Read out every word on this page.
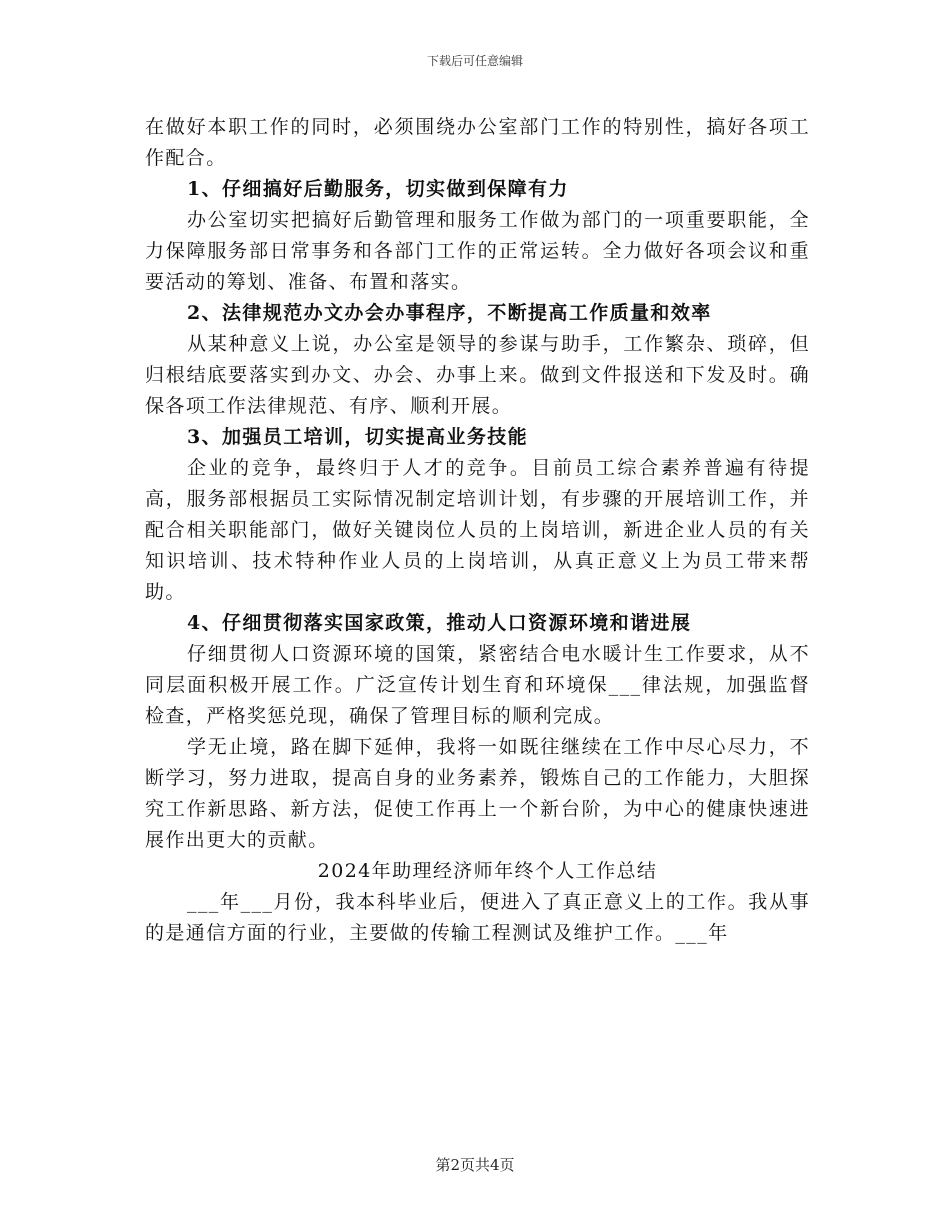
下载后可任意编辑

在做好本职工作的同时，必须围绕办公室部门工作的特别性，搞好各项工作配合。

1、仔细搞好后勤服务，切实做到保障有力

办公室切实把搞好后勤管理和服务工作做为部门的一项重要职能，全力保障服务部日常事务和各部门工作的正常运转。全力做好各项会议和重要活动的筹划、准备、布置和落实。

2、法律规范办文办会办事程序，不断提高工作质量和效率

从某种意义上说，办公室是领导的参谋与助手，工作繁杂、琐碎，但归根结底要落实到办文、办会、办事上来。做到文件报送和下发及时。确保各项工作法律规范、有序、顺利开展。

3、加强员工培训，切实提高业务技能

企业的竞争，最终归于人才的竞争。目前员工综合素养普遍有待提高，服务部根据员工实际情况制定培训计划，有步骤的开展培训工作，并配合相关职能部门，做好关键岗位人员的上岗培训，新进企业人员的有关知识培训、技术特种作业人员的上岗培训，从真正意义上为员工带来帮助。

4、仔细贯彻落实国家政策，推动人口资源环境和谐进展

仔细贯彻人口资源环境的国策，紧密结合电水暖计生工作要求，从不同层面积极开展工作。广泛宣传计划生育和环境保___律法规，加强监督检查，严格奖惩兑现，确保了管理目标的顺利完成。

学无止境，路在脚下延伸，我将一如既往继续在工作中尽心尽力，不断学习，努力进取，提高自身的业务素养，锻炼自己的工作能力，大胆探究工作新思路、新方法，促使工作再上一个新台阶，为中心的健康快速进展作出更大的贡献。

2024年助理经济师年终个人工作总结

___年___月份，我本科毕业后，便进入了真正意义上的工作。我从事的是通信方面的行业，主要做的传输工程测试及维护工作。___年

第2页共4页
